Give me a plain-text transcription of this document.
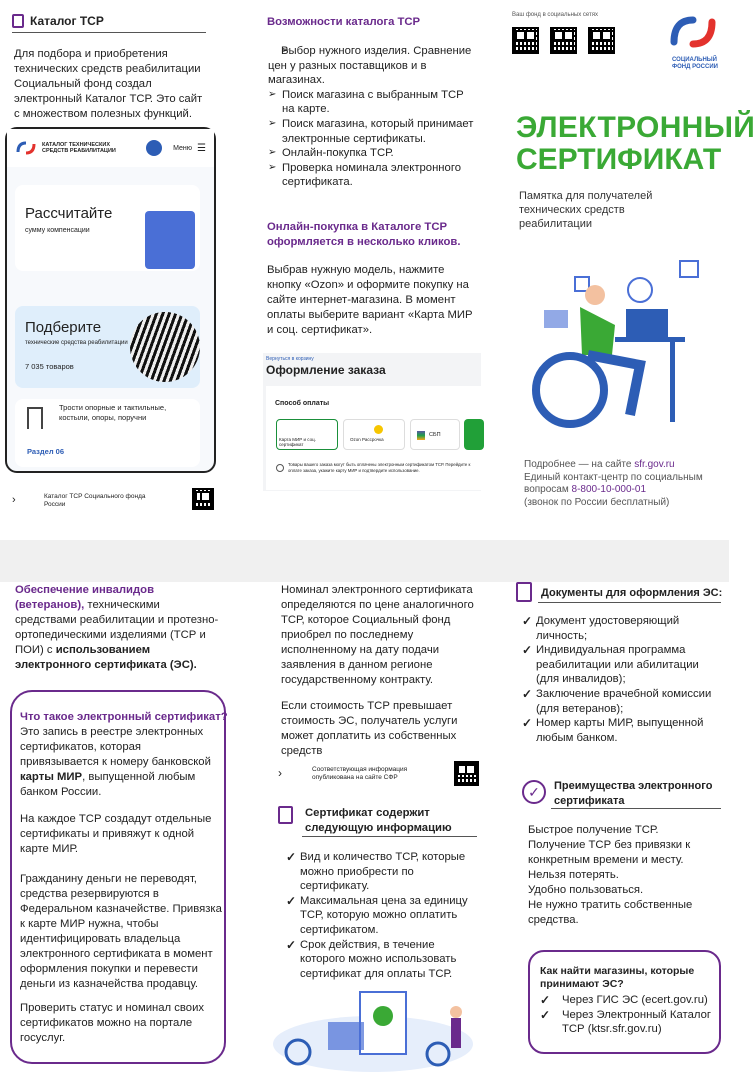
Каталог ТСР
Для подбора и приобретения технических средств реабилитации Социальный фонд создал электронный Каталог ТСР. Это сайт с множеством полезных функций.
КАТАЛОГ ТЕХНИЧЕСКИХ СРЕДСТВ РЕАБИЛИТАЦИИ	Меню ☰
Рассчитайте
сумму компенсации
Подберите
технические средства реабилитации
7 035 товаров
Трости опорные и тактильные, костыли, опоры, поручни
Раздел 06
›	Каталог ТСР Социального фонда России
Возможности каталога ТСР
➢ Выбор нужного изделия. Сравнение цен у разных поставщиков и в магазинах.
➢ Поиск магазина с выбранным ТСР на карте.
➢ Поиск магазина, который принимает электронные сертификаты.
➢ Онлайн-покупка ТСР.
➢ Проверка номинала электронного сертификата.
Онлайн-покупка в Каталоге ТСР оформляется в несколько кликов.
Выбрав нужную модель, нажмите кнопку «Ozon» и оформите покупку на сайте интернет-магазина. В момент оплаты выберите вариант «Карта МИР и соц. сертификат».
Вернуться в корзину
Оформление заказа
Способ оплаты
Карта МИР и соц. сертификат
Ozon Рассрочка
СБП
Товары вашего заказа могут быть оплачены электронным сертификатом ТСР. Перейдите к оплате заказа, укажите карту МИР и подтвердите использование.
Ваш фонд в социальных сетях
СОЦИАЛЬНЫЙ ФОНД РОССИИ
ЭЛЕКТРОННЫЙ
СЕРТИФИКАТ
Памятка для получателей технических средств реабилитации
Подробнее — на сайте sfr.gov.ru
Единый контакт-центр по социальным вопросам 8-800-10-000-01
(звонок по России бесплатный)
Обеспечение инвалидов (ветеранов), техническими средствами реабилитации и протезно-ортопедическими изделиями (ТСР и ПОИ) с использованием электронного сертификата (ЭС).
Что такое электронный сертификат?
Это запись в реестре электронных сертификатов, которая привязывается к номеру банковской карты МИР, выпущенной любым банком России.
На каждое ТСР создадут отдельные сертификаты и привяжут к одной карте МИР.
Гражданину деньги не переводят, средства резервируются в Федеральном казначействе. Привязка к карте МИР нужна, чтобы идентифицировать владельца электронного сертификата в момент оформления покупки и перевести деньги из казначейства продавцу.
Проверить статус и номинал своих сертификатов можно на портале госуслуг.
Номинал электронного сертификата определяются по цене аналогичного ТСР, которое Социальный фонд приобрел по последнему исполненному на дату подачи заявления в данном регионе государственному контракту.
Если стоимость ТСР превышает стоимость ЭС, получатель услуги может доплатить из собственных средств
›	Соответствующая информация опубликована на сайте СФР
Сертификат содержит следующую информацию
✓ Вид и количество ТСР, которые можно приобрести по сертификату.
✓ Максимальная цена за единицу ТСР, которую можно оплатить сертификатом.
✓ Срок действия, в течение которого можно использовать сертификат для оплаты ТСР.
Документы для оформления ЭС:
✓ Документ удостоверяющий личность;
✓ Индивидуальная программа реабилитации или абилитации (для инвалидов);
✓ Заключение врачебной комиссии (для ветеранов);
✓ Номер карты МИР, выпущенной любым банком.
✓	Преимущества электронного сертификата
Быстрое получение ТСР.
Получение ТСР без привязки к конкретным времени и месту.
Нельзя потерять.
Удобно пользоваться.
Не нужно тратить собственные средства.
Как найти магазины, которые принимают ЭС?
✓ Через ГИС ЭС (ecert.gov.ru)
✓ Через Электронный Каталог ТСР (ktsr.sfr.gov.ru)
